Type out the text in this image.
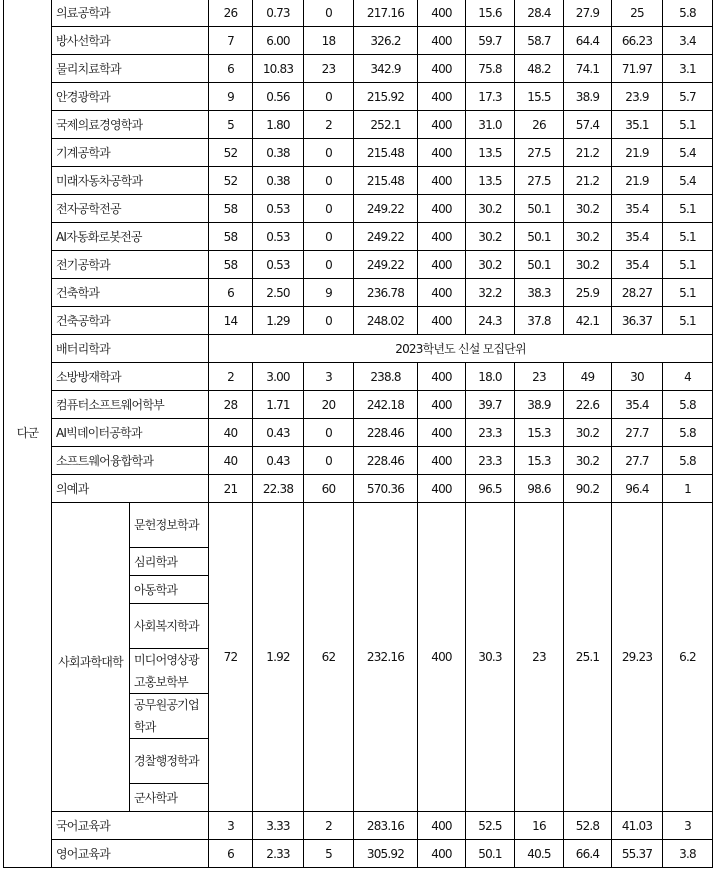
다군	의료공학과		26	0.73	0	217.16	400	15.6	28.4	27.9	25	5.8
	방사선학과		7	6.00	18	326.2	400	59.7	58.7	64.4	66.23	3.4
	물리치료학과		6	10.83	23	342.9	400	75.8	48.2	74.1	71.97	3.1
	안경광학과		9	0.56	0	215.92	400	17.3	15.5	38.9	23.9	5.7
	국제의료경영학과		5	1.80	2	252.1	400	31.0	26	57.4	35.1	5.1
	기계공학과		52	0.38	0	215.48	400	13.5	27.5	21.2	21.9	5.4
	미래자동차공학과		52	0.38	0	215.48	400	13.5	27.5	21.2	21.9	5.4
	전자공학전공		58	0.53	0	249.22	400	30.2	50.1	30.2	35.4	5.1
	AI자동화로봇전공		58	0.53	0	249.22	400	30.2	50.1	30.2	35.4	5.1
	전기공학과		58	0.53	0	249.22	400	30.2	50.1	30.2	35.4	5.1
	건축학과		6	2.50	9	236.78	400	32.2	38.3	25.9	28.27	5.1
	건축공학과		14	1.29	0	248.02	400	24.3	37.8	42.1	36.37	5.1
	배터리학과		2023학년도 신설 모집단위									
	소방방재학과		2	3.00	3	238.8	400	18.0	23	49	30	4
	컴퓨터소프트웨어학부		28	1.71	20	242.18	400	39.7	38.9	22.6	35.4	5.8
	AI빅데이터공학과		40	0.43	0	228.46	400	23.3	15.3	30.2	27.7	5.8
	소프트웨어융합학과		40	0.43	0	228.46	400	23.3	15.3	30.2	27.7	5.8
	의예과		21	22.38	60	570.36	400	96.5	98.6	90.2	96.4	1
	사회과학대학	문헌정보학과	72	1.92	62	232.16	400	30.3	23	25.1	29.23	6.2
		심리학과										
		아동학과										
		사회복지학과										
		미디어영상광고홍보학부										
		공무원공기업학과										
		경찰행정학과										
		군사학과										
	국어교육과		3	3.33	2	283.16	400	52.5	16	52.8	41.03	3
	영어교육과		6	2.33	5	305.92	400	50.1	40.5	66.4	55.37	3.8
